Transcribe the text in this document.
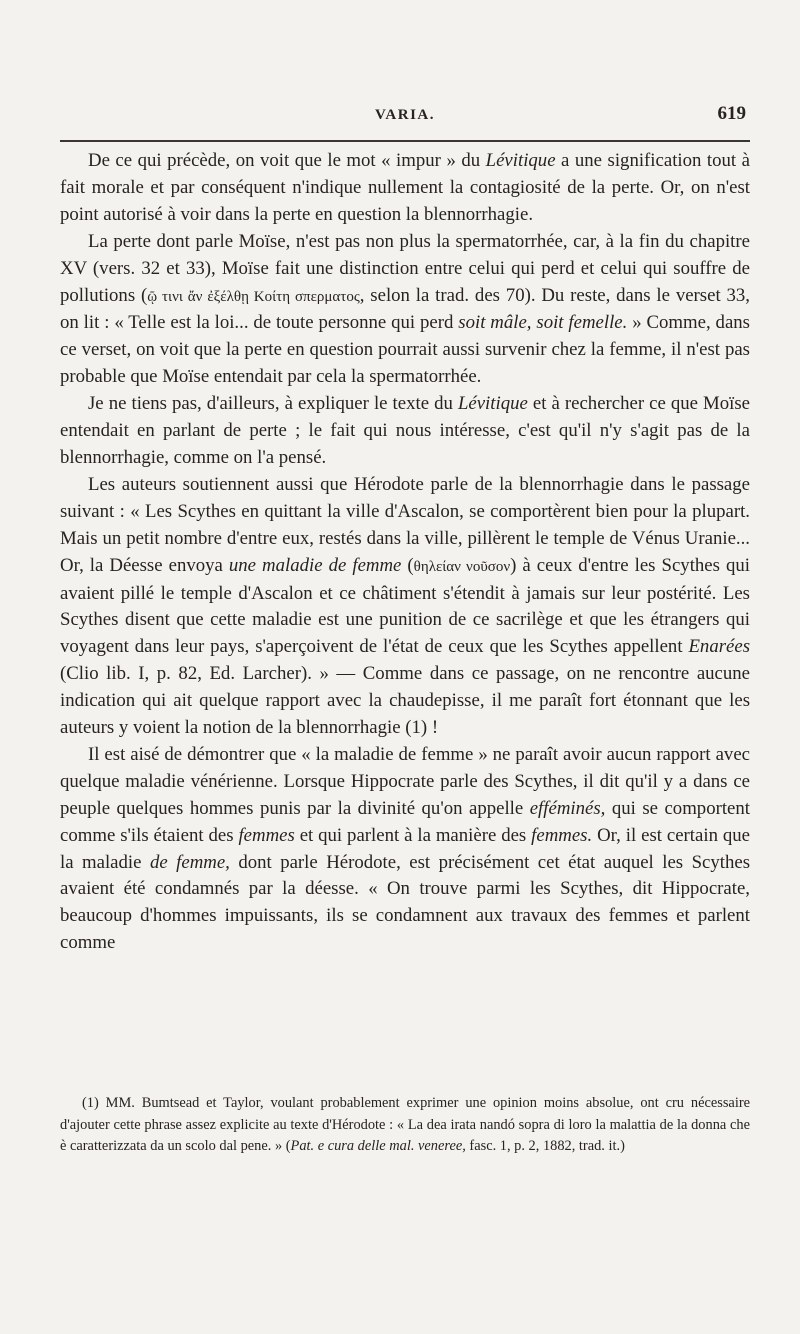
VARIA.	619

De ce qui précède, on voit que le mot « impur » du Lévitique a une signification tout à fait morale et par conséquent n'indique nullement la contagiosité de la perte. Or, on n'est point autorisé à voir dans la perte en question la blennorrhagie.

La perte dont parle Moïse, n'est pas non plus la spermatorrhée, car, à la fin du chapitre XV (vers. 32 et 33), Moïse fait une distinction entre celui qui perd et celui qui souffre de pollutions (ῷ τινι ἄν ἐξέλθῃ Κοίτη σπερματος, selon la trad. des 70). Du reste, dans le verset 33, on lit : « Telle est la loi... de toute personne qui perd soit mâle, soit femelle. » Comme, dans ce verset, on voit que la perte en question pourrait aussi survenir chez la femme, il n'est pas probable que Moïse entendait par cela la spermatorrhée.

Je ne tiens pas, d'ailleurs, à expliquer le texte du Lévitique et à rechercher ce que Moïse entendait en parlant de perte ; le fait qui nous intéresse, c'est qu'il n'y s'agit pas de la blennorrhagie, comme on l'a pensé.

Les auteurs soutiennent aussi que Hérodote parle de la blennorrhagie dans le passage suivant : « Les Scythes en quittant la ville d'Ascalon, se comportèrent bien pour la plupart. Mais un petit nombre d'entre eux, restés dans la ville, pillèrent le temple de Vénus Uranie... Or, la Déesse envoya une maladie de femme (θηλείαν νοῦσον) à ceux d'entre les Scythes qui avaient pillé le temple d'Ascalon et ce châtiment s'étendit à jamais sur leur postérité. Les Scythes disent que cette maladie est une punition de ce sacrilège et que les étrangers qui voyagent dans leur pays, s'aperçoivent de l'état de ceux que les Scythes appellent Enarées (Clio lib. I, p. 82, Ed. Larcher). » — Comme dans ce passage, on ne rencontre aucune indication qui ait quelque rapport avec la chaudepisse, il me paraît fort étonnant que les auteurs y voient la notion de la blennorrhagie (1) !

Il est aisé de démontrer que « la maladie de femme » ne paraît avoir aucun rapport avec quelque maladie vénérienne. Lorsque Hippocrate parle des Scythes, il dit qu'il y a dans ce peuple quelques hommes punis par la divinité qu'on appelle efféminés, qui se comportent comme s'ils étaient des femmes et qui parlent à la manière des femmes. Or, il est certain que la maladie de femme, dont parle Hérodote, est précisément cet état auquel les Scythes avaient été condamnés par la déesse. « On trouve parmi les Scythes, dit Hippocrate, beaucoup d'hommes impuissants, ils se condamnent aux travaux des femmes et parlent comme

(1) MM. Bumtsead et Taylor, voulant probablement exprimer une opinion moins absolue, ont cru nécessaire d'ajouter cette phrase assez explicite au texte d'Hérodote : « La dea irata nandó sopra di loro la malattia de la donna che è caratterizzata da un scolo dal pene. » (Pat. e cura delle mal. veneree, fasc. 1, p. 2, 1882, trad. it.)
